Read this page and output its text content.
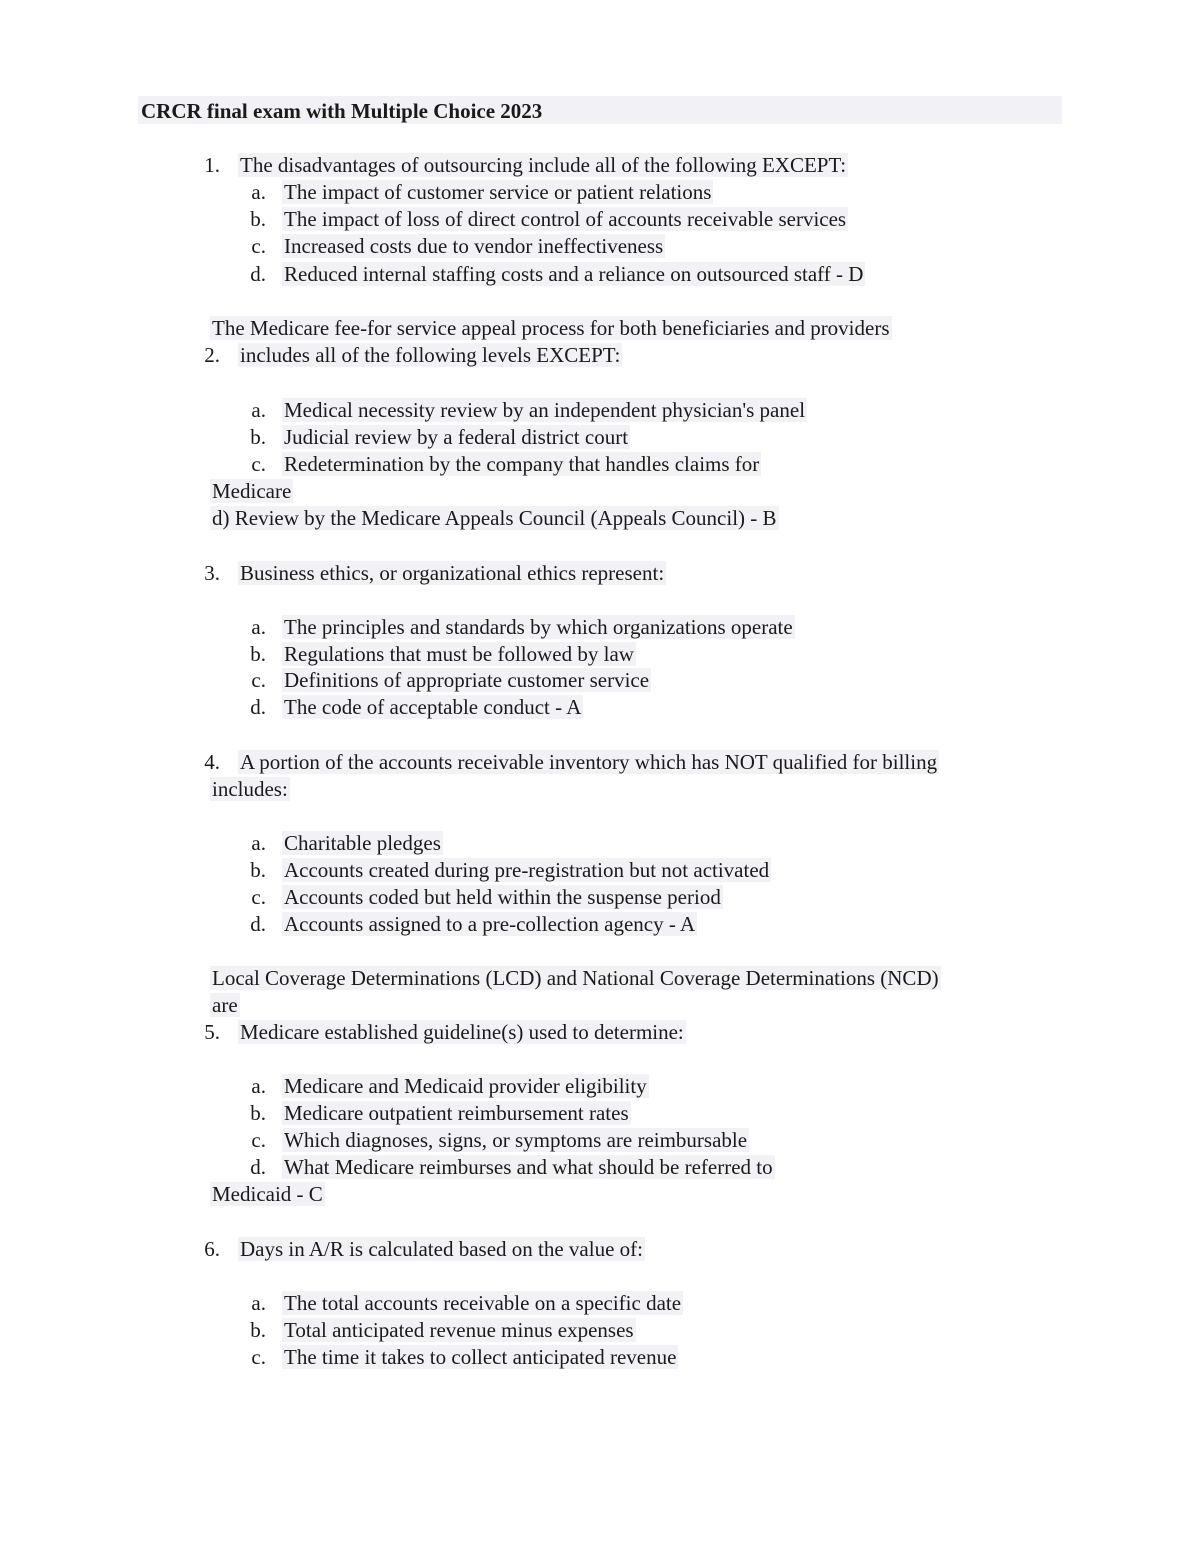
CRCR final exam with Multiple Choice 2023
1. The disadvantages of outsourcing include all of the following EXCEPT:
a. The impact of customer service or patient relations
b. The impact of loss of direct control of accounts receivable services
c. Increased costs due to vendor ineffectiveness
d. Reduced internal staffing costs and a reliance on outsourced staff - D
The Medicare fee-for service appeal process for both beneficiaries and providers
2. includes all of the following levels EXCEPT:
a. Medical necessity review by an independent physician's panel
b. Judicial review by a federal district court
c. Redetermination by the company that handles claims for
Medicare
d) Review by the Medicare Appeals Council (Appeals Council) - B
3. Business ethics, or organizational ethics represent:
a. The principles and standards by which organizations operate
b. Regulations that must be followed by law
c. Definitions of appropriate customer service
d. The code of acceptable conduct - A
4. A portion of the accounts receivable inventory which has NOT qualified for billing
includes:
a. Charitable pledges
b. Accounts created during pre-registration but not activated
c. Accounts coded but held within the suspense period
d. Accounts assigned to a pre-collection agency - A
Local Coverage Determinations (LCD) and National Coverage Determinations (NCD)
are
5. Medicare established guideline(s) used to determine:
a. Medicare and Medicaid provider eligibility
b. Medicare outpatient reimbursement rates
c. Which diagnoses, signs, or symptoms are reimbursable
d. What Medicare reimburses and what should be referred to
Medicaid - C
6. Days in A/R is calculated based on the value of:
a. The total accounts receivable on a specific date
b. Total anticipated revenue minus expenses
c. The time it takes to collect anticipated revenue
